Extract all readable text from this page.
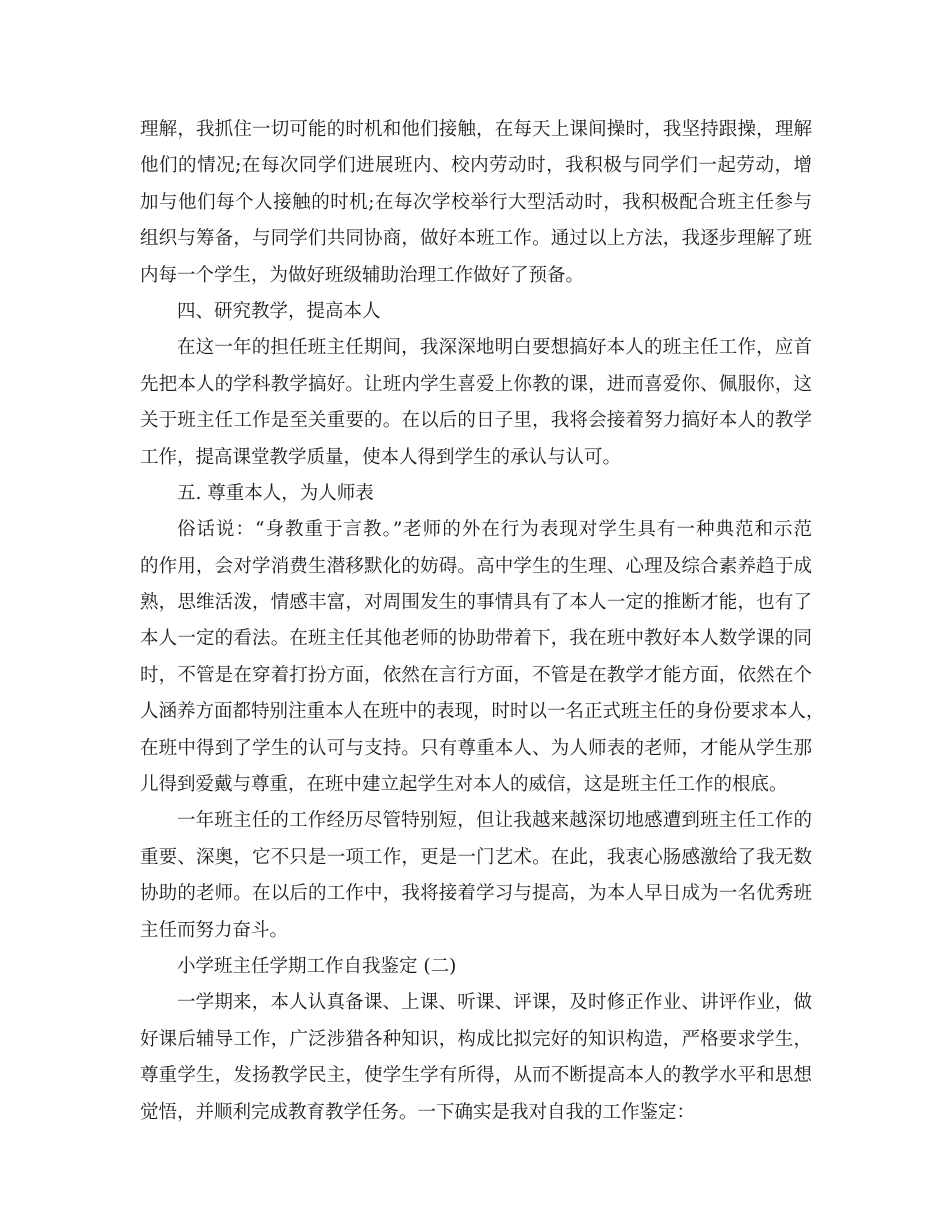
理解，我抓住一切可能的时机和他们接触，在每天上课间操时，我坚持跟操，理解
他们的情况;在每次同学们进展班内、校内劳动时，我积极与同学们一起劳动，增
加与他们每个人接触的时机;在每次学校举行大型活动时，我积极配合班主任参与
组织与筹备，与同学们共同协商，做好本班工作。通过以上方法，我逐步理解了班
内每一个学生，为做好班级辅助治理工作做好了预备。
四、研究教学，提高本人
在这一年的担任班主任期间，我深深地明白要想搞好本人的班主任工作，应首
先把本人的学科教学搞好。让班内学生喜爱上你教的课，进而喜爱你、佩服你，这
关于班主任工作是至关重要的。在以后的日子里，我将会接着努力搞好本人的教学
工作，提高课堂教学质量，使本人得到学生的承认与认可。
五. 尊重本人，为人师表
俗话说：“身教重于言教。”老师的外在行为表现对学生具有一种典范和示范
的作用，会对学消费生潜移默化的妨碍。高中学生的生理、心理及综合素养趋于成
熟，思维活泼，情感丰富，对周围发生的事情具有了本人一定的推断才能，也有了
本人一定的看法。在班主任其他老师的协助带着下，我在班中教好本人数学课的同
时，不管是在穿着打扮方面，依然在言行方面，不管是在教学才能方面，依然在个
人涵养方面都特别注重本人在班中的表现，时时以一名正式班主任的身份要求本人，
在班中得到了学生的认可与支持。只有尊重本人、为人师表的老师，才能从学生那
儿得到爱戴与尊重，在班中建立起学生对本人的威信，这是班主任工作的根底。
一年班主任的工作经历尽管特别短，但让我越来越深切地感遭到班主任工作的
重要、深奥，它不只是一项工作，更是一门艺术。在此，我衷心肠感激给了我无数
协助的老师。在以后的工作中，我将接着学习与提高，为本人早日成为一名优秀班
主任而努力奋斗。
小学班主任学期工作自我鉴定 (二)
一学期来，本人认真备课、上课、听课、评课，及时修正作业、讲评作业，做
好课后辅导工作，广泛涉猎各种知识，构成比拟完好的知识构造，严格要求学生，
尊重学生，发扬教学民主，使学生学有所得，从而不断提高本人的教学水平和思想
觉悟，并顺利完成教育教学任务。一下确实是我对自我的工作鉴定：
